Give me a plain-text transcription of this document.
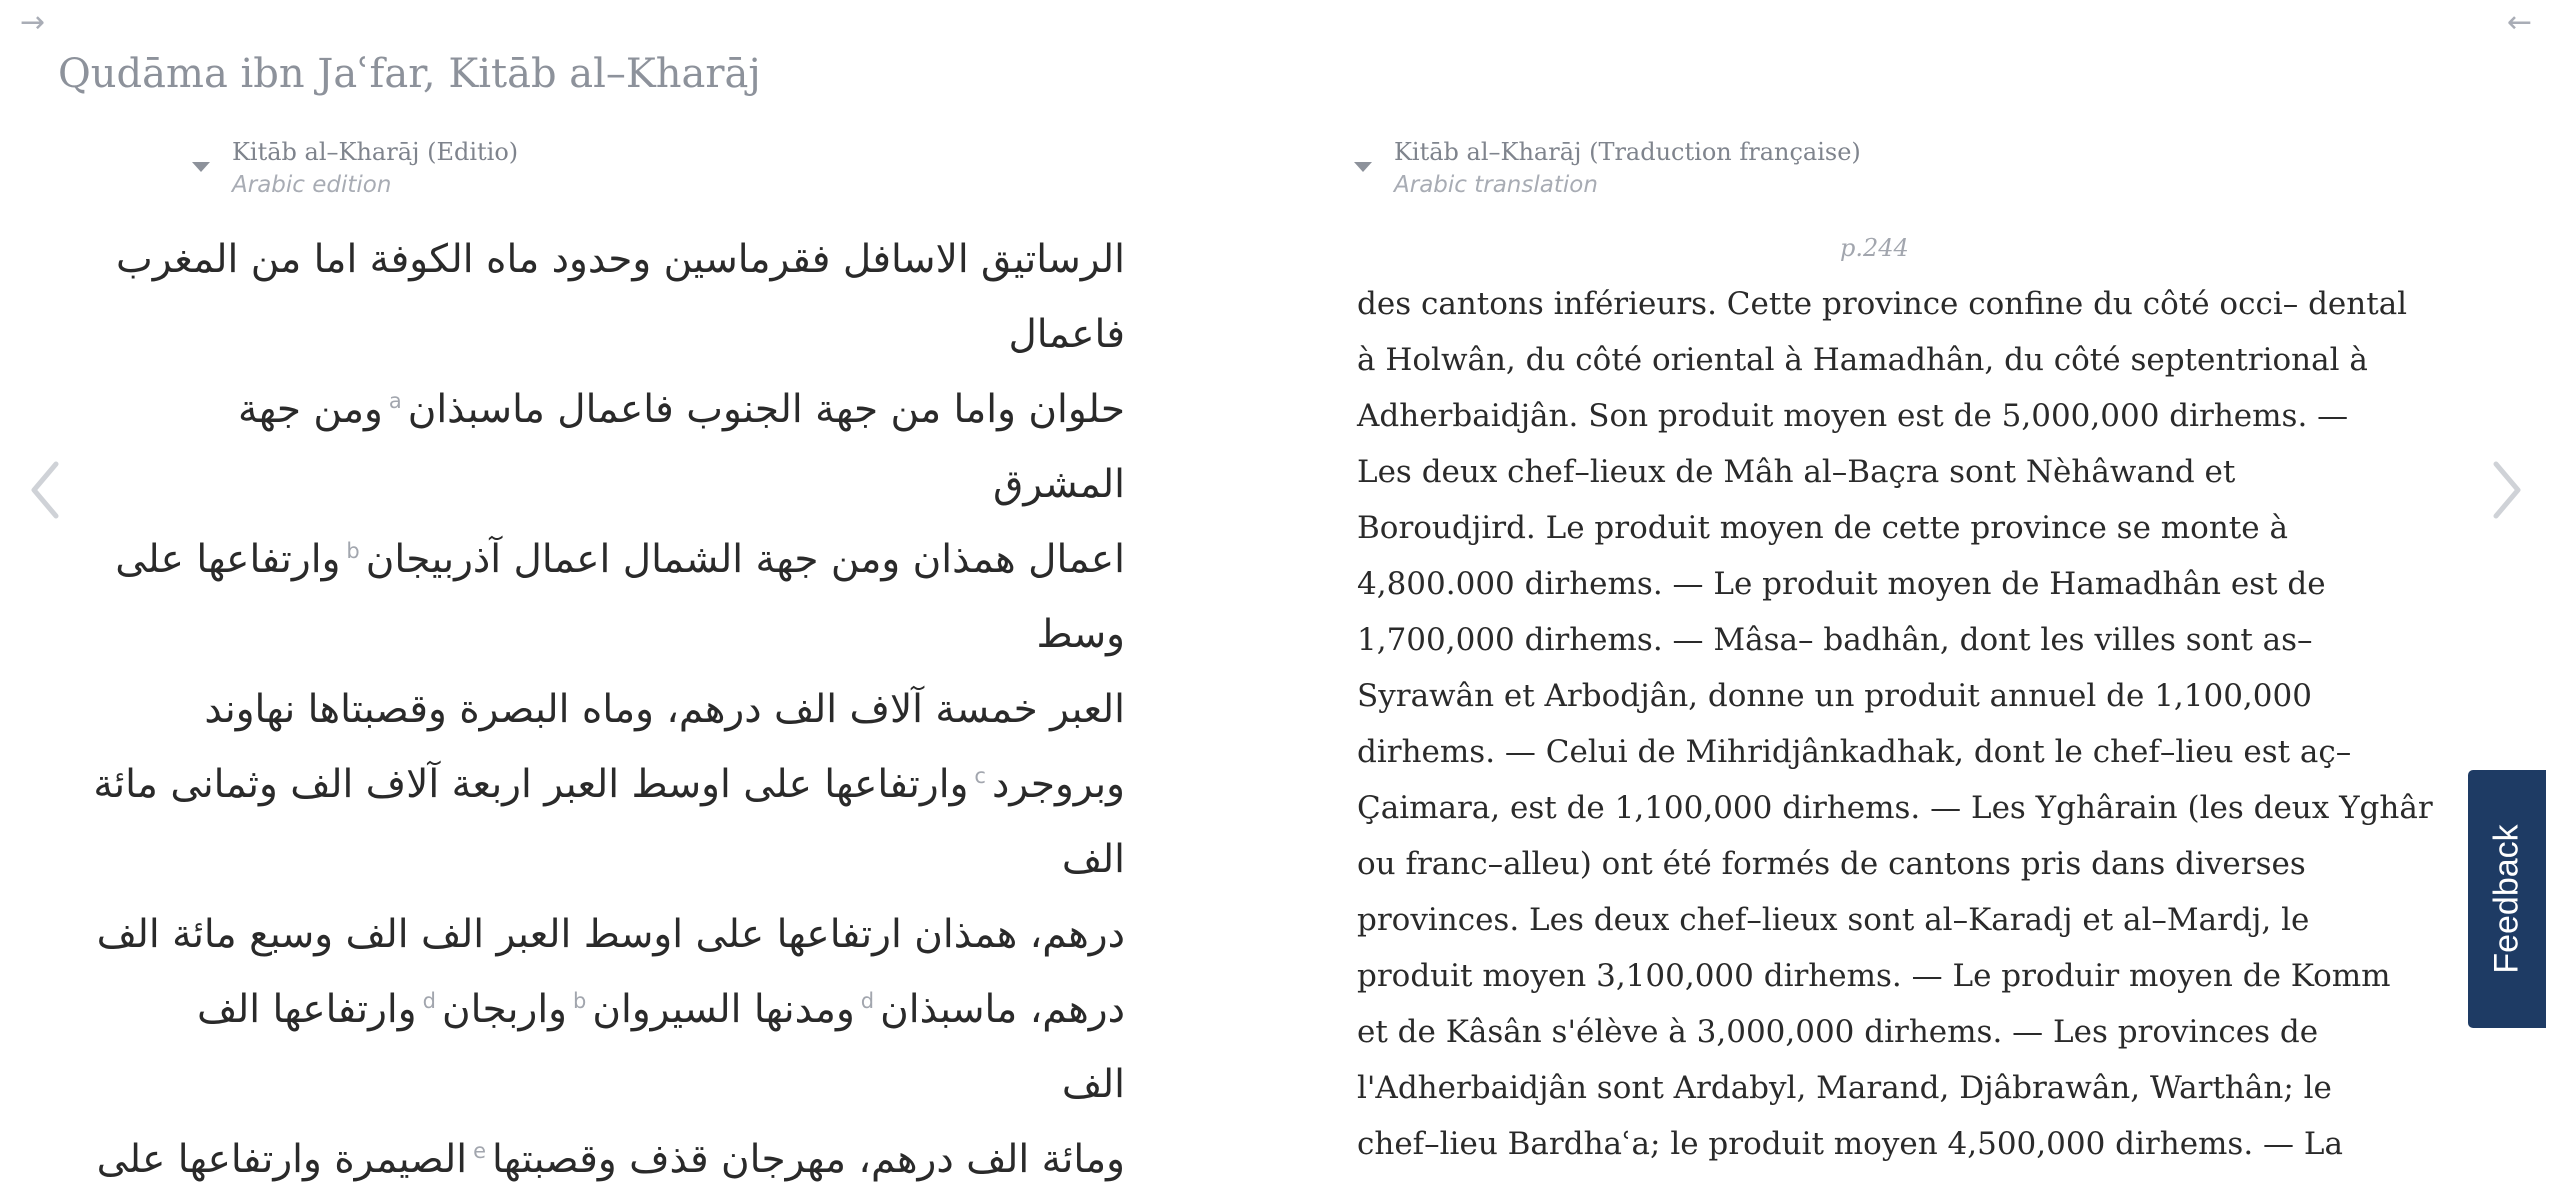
→	←
Qudāma ibn Jaʿfar, Kitāb al–Kharāj
Kitāb al–Kharāj (Editio)
Arabic edition
Kitāb al–Kharāj (Traduction française)
Arabic translation
الرساتيق الاسافل فقرماسين وحدود ماه الكوفة اما من المغرب
فاعمال
حلوان واما من جهة الجنوب فاعمال ماسبذان$^a$ومن جهة
المشرق
اعمال همذان ومن جهة الشمال اعمال آذربيجان$^b$وارتفاعها على
وسط
العبر خمسة آلاف الف درهم، وماه البصرة وقصبتاها نهاوند
وبروجرد$^c$وارتفاعها على اوسط العبر اربعة آلاف الف وثمانى مائة
الف
درهم، همذان ارتفاعها على اوسط العبر الف الف وسبع مائة الف
درهم، ماسبذان$^d$ومدنها السيروان$^b$واربجان$^d$وارتفاعها الف
الف
ومائة الف درهم، مهرجان قذف وقصبتها$^e$الصيمرة وارتفاعها على
p.244
des cantons inférieurs. Cette province confine du côté occi– dental
à Holwân, du côté oriental à Hamadhân, du côté septentrional à
Adherbaidjân. Son produit moyen est de 5,000,000 dirhems. —
Les deux chef–lieux de Mâh al–Baçra sont Nèhâwand et
Boroudjird. Le produit moyen de cette province se monte à
4,800.000 dirhems. — Le produit moyen de Hamadhân est de
1,700,000 dirhems. — Mâsa– badhân, dont les villes sont as–
Syrawân et Arbodjân, donne un produit annuel de 1,100,000
dirhems. — Celui de Mihridjânkadhak, dont le chef–lieu est aç–
Çaimara, est de 1,100,000 dirhems. — Les Yghârain (les deux Yghâr
ou franc–alleu) ont été formés de cantons pris dans diverses
provinces. Les deux chef–lieux sont al–Karadj et al–Mardj, le
produit moyen 3,100,000 dirhems. — Le produir moyen de Komm
et de Kâsân s'élève à 3,000,000 dirhems. — Les provinces de
l'Adherbaidjân sont Ardabyl, Marand, Djâbrawân, Warthân; le
chef–lieu Bardhaʿa; le produit moyen 4,500,000 dirhems. — La
Feedback
